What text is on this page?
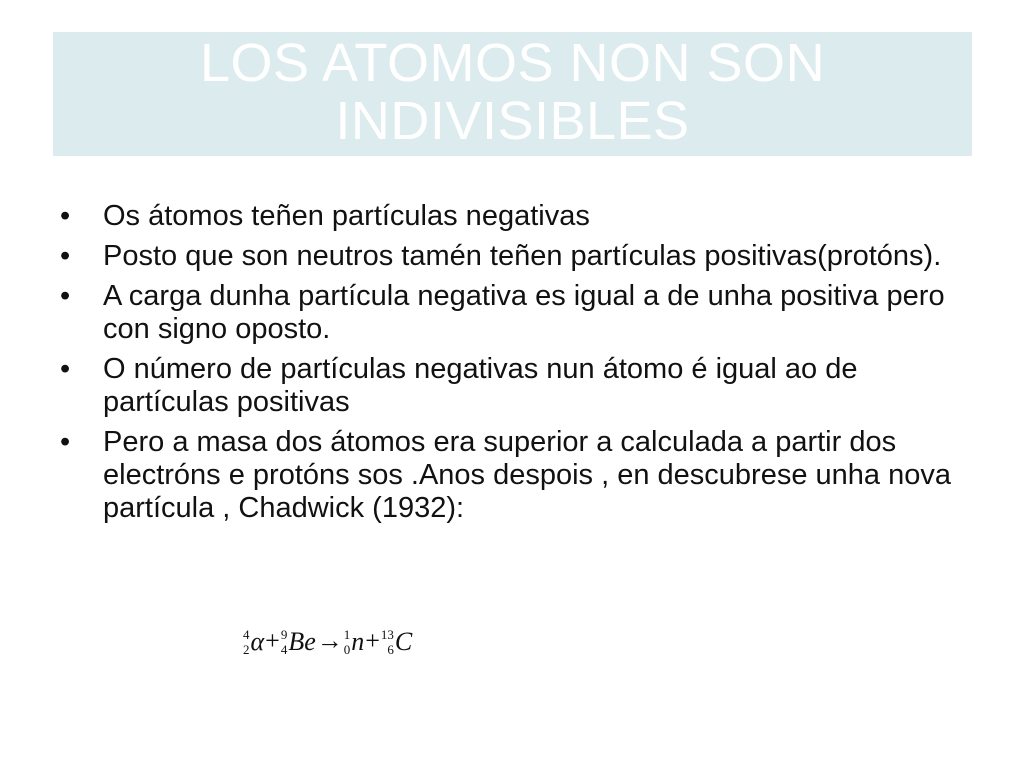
LOS ATOMOS NON SON INDIVISIBLES
• Os átomos teñen partículas negativas
• Posto que son neutros tamén teñen partículas positivas(protóns).
• A carga dunha partícula negativa es igual a de unha positiva pero con signo oposto.
• O número de partículas negativas nun átomo é igual ao de partículas positivas
• Pero a masa dos átomos era superior a calculada a partir dos electróns e protóns sos .Anos despois , en descubrese unha nova partícula , Chadwick (1932):
4
2 α+ 9
4 Be→ 1
0 n+ 13
6 C
